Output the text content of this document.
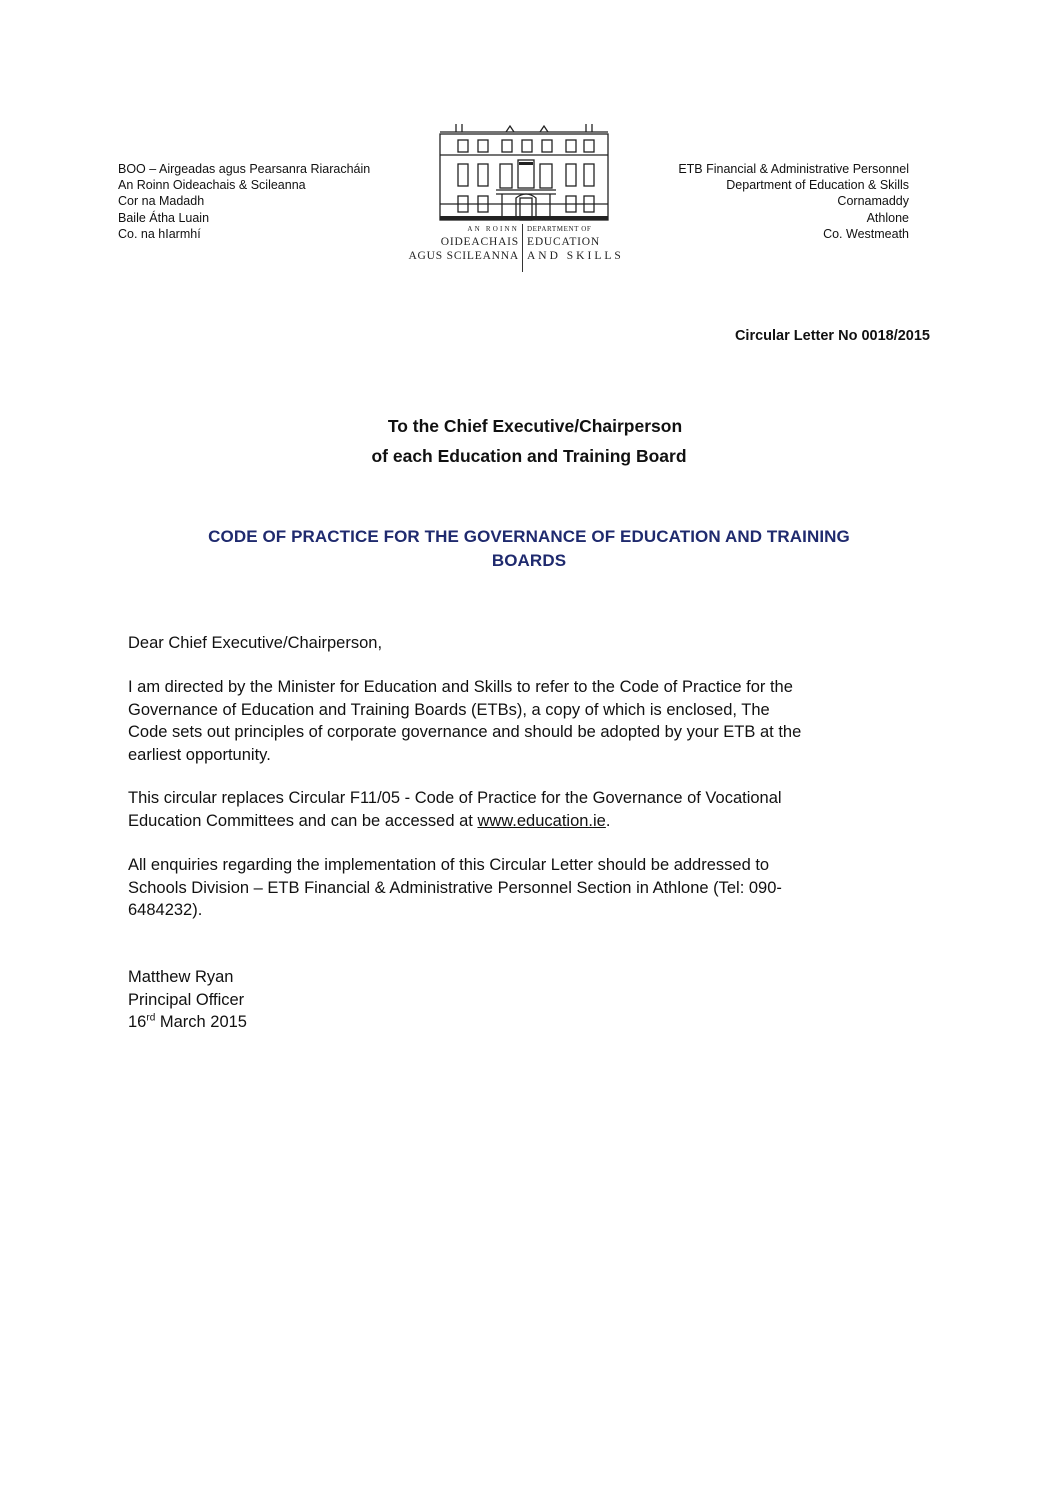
BOO – Airgeadas agus Pearsanra Riaracháin
An Roinn Oideachais & Scileanna
Cor na Madadh
Baile Átha Luain
Co. na hIarmhí	AN ROINN
OIDEACHAIS
AGUS SCILEANNA
DEPARTMENT OF
EDUCATION
AND SKILLS
ETB Financial & Administrative Personnel
Department of Education & Skills
Cornamaddy
Athlone
Co. Westmeath
Circular Letter No 0018/2015
To the Chief Executive/Chairperson
of each Education and Training Board
CODE OF PRACTICE FOR THE GOVERNANCE OF EDUCATION AND TRAINING
BOARDS
Dear Chief Executive/Chairperson,
I am directed by the Minister for Education and Skills to refer to the Code of Practice for the
Governance of Education and Training Boards (ETBs), a copy of which is enclosed, The
Code sets out principles of corporate governance and should be adopted by your ETB at the
earliest opportunity.
This circular replaces Circular F11/05 - Code of Practice for the Governance of Vocational
Education Committees and can be accessed at www.education.ie.
All enquiries regarding the implementation of this Circular Letter should be addressed to
Schools Division – ETB Financial & Administrative Personnel Section in Athlone (Tel: 090-
6484232).
Matthew Ryan
Principal Officer
16rd March 2015
